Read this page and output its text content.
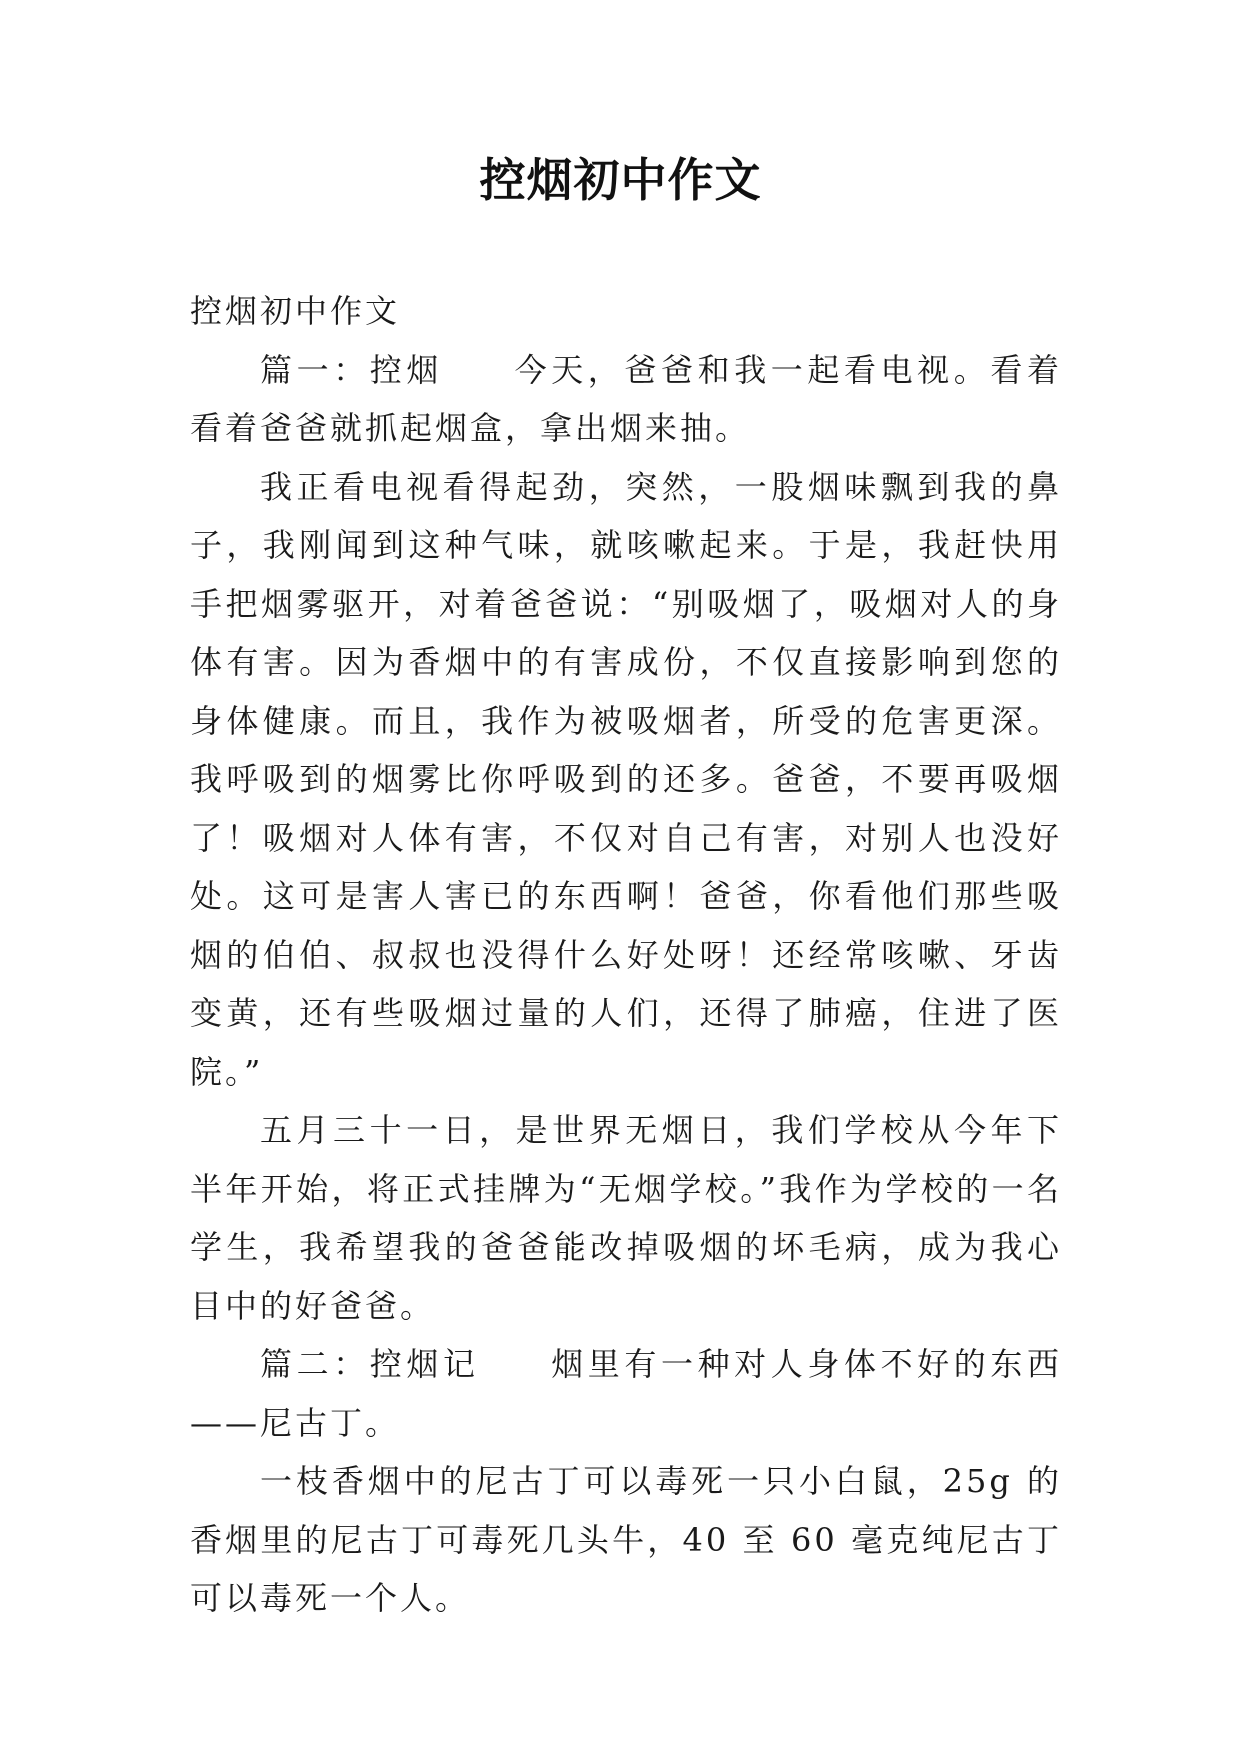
控烟初中作文

控烟初中作文

篇一：控烟 今天，爸爸和我一起看电视。看着看着爸爸就抓起烟盒，拿出烟来抽。

我正看电视看得起劲，突然，一股烟味飘到我的鼻子，我刚闻到这种气味，就咳嗽起来。于是，我赶快用手把烟雾驱开，对着爸爸说：“别吸烟了，吸烟对人的身体有害。因为香烟中的有害成份，不仅直接影响到您的身体健康。而且，我作为被吸烟者，所受的危害更深。我呼吸到的烟雾比你呼吸到的还多。爸爸，不要再吸烟了！吸烟对人体有害，不仅对自己有害，对别人也没好处。这可是害人害已的东西啊！爸爸，你看他们那些吸烟的伯伯、叔叔也没得什么好处呀！还经常咳嗽、牙齿变黄，还有些吸烟过量的人们，还得了肺癌，住进了医院。”

五月三十一日，是世界无烟日，我们学校从今年下半年开始，将正式挂牌为“无烟学校。”我作为学校的一名学生，我希望我的爸爸能改掉吸烟的坏毛病，成为我心目中的好爸爸。

篇二：控烟记 烟里有一种对人身体不好的东西——尼古丁。

一枝香烟中的尼古丁可以毒死一只小白鼠，25g 的香烟里的尼古丁可毒死几头牛，40 至 60 毫克纯尼古丁可以毒死一个人。
